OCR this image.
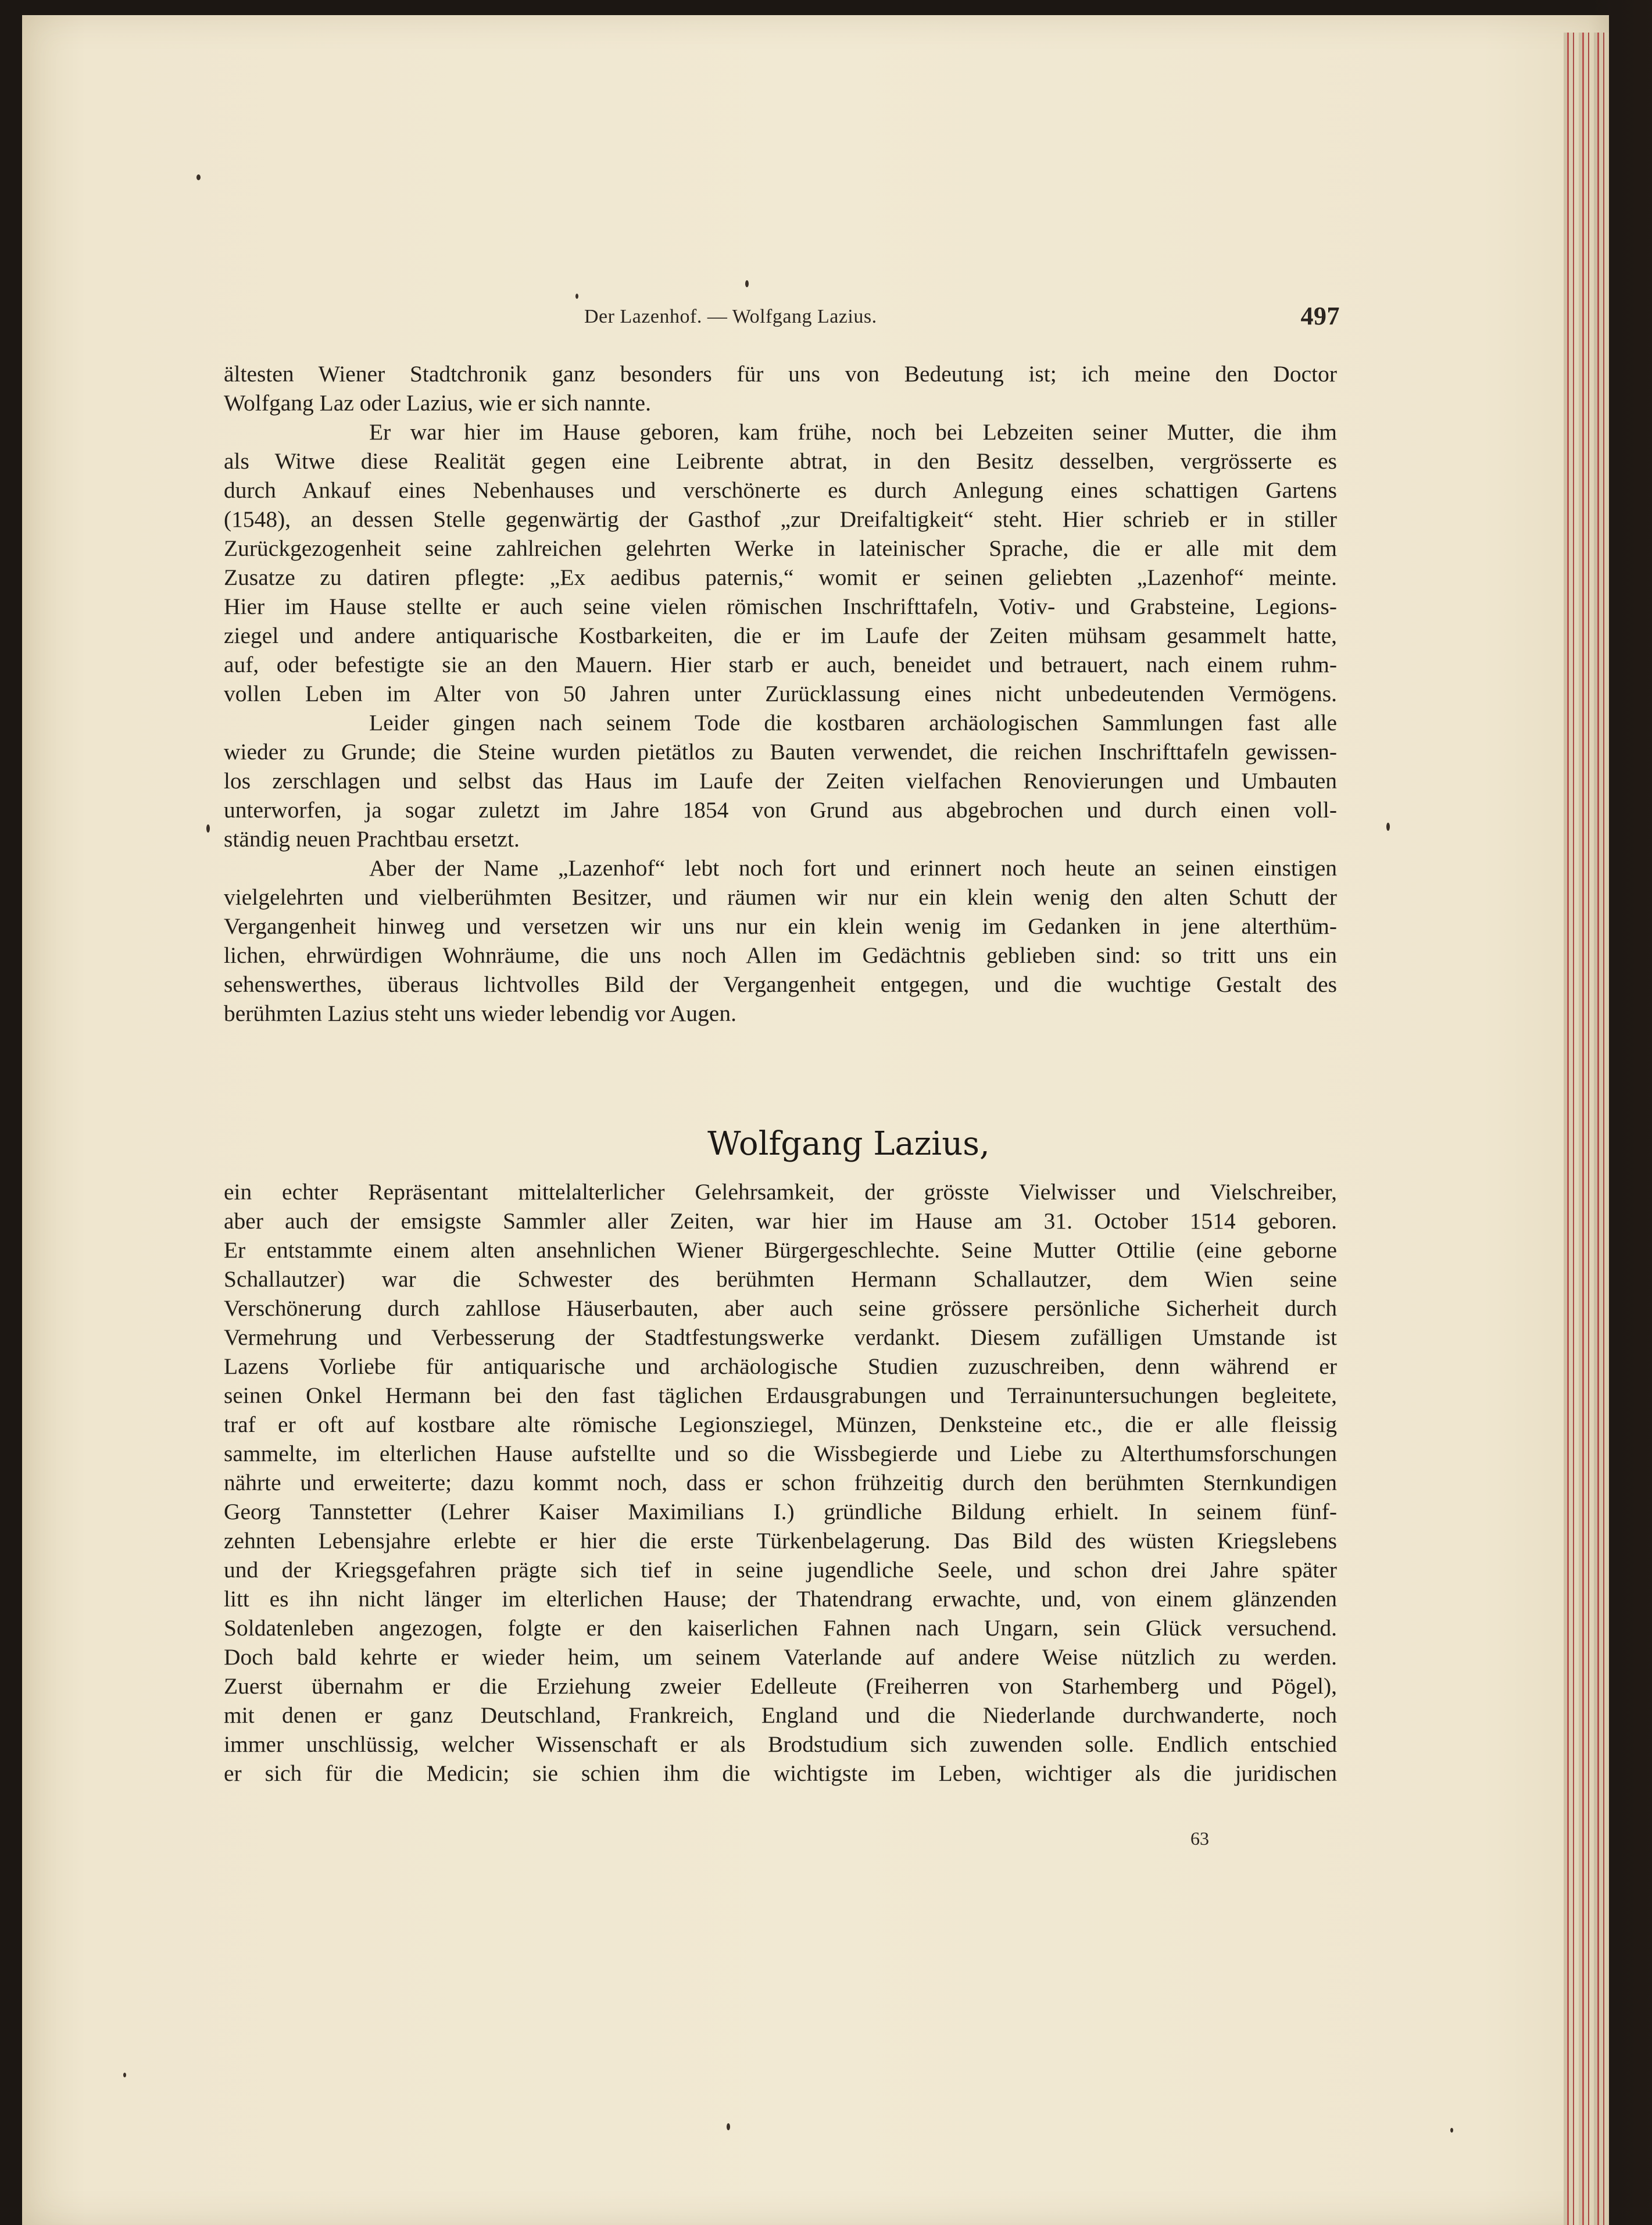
Der Lazenhof. — Wolfgang Lazius.	497
ältesten Wiener Stadtchronik ganz besonders für uns von Bedeutung ist; ich meine den Doctor
Wolfgang Laz oder Lazius, wie er sich nannte.
Er war hier im Hause geboren, kam frühe, noch bei Lebzeiten seiner Mutter, die ihm
als Witwe diese Realität gegen eine Leibrente abtrat, in den Besitz desselben, vergrösserte es
durch Ankauf eines Nebenhauses und verschönerte es durch Anlegung eines schattigen Gartens
(1548), an dessen Stelle gegenwärtig der Gasthof „zur Dreifaltigkeit“ steht. Hier schrieb er in stiller
Zurückgezogenheit seine zahlreichen gelehrten Werke in lateinischer Sprache, die er alle mit dem
Zusatze zu datiren pflegte: „Ex aedibus paternis,“ womit er seinen geliebten „Lazenhof“ meinte.
Hier im Hause stellte er auch seine vielen römischen Inschrifttafeln, Votiv- und Grabsteine, Legions-
ziegel und andere antiquarische Kostbarkeiten, die er im Laufe der Zeiten mühsam gesammelt hatte,
auf, oder befestigte sie an den Mauern. Hier starb er auch, beneidet und betrauert, nach einem ruhm-
vollen Leben im Alter von 50 Jahren unter Zurücklassung eines nicht unbedeutenden Vermögens.
Leider gingen nach seinem Tode die kostbaren archäologischen Sammlungen fast alle
wieder zu Grunde; die Steine wurden pietätlos zu Bauten verwendet, die reichen Inschrifttafeln gewissen-
los zerschlagen und selbst das Haus im Laufe der Zeiten vielfachen Renovierungen und Umbauten
unterworfen, ja sogar zuletzt im Jahre 1854 von Grund aus abgebrochen und durch einen voll-
ständig neuen Prachtbau ersetzt.
Aber der Name „Lazenhof“ lebt noch fort und erinnert noch heute an seinen einstigen
vielgelehrten und vielberühmten Besitzer, und räumen wir nur ein klein wenig den alten Schutt der
Vergangenheit hinweg und versetzen wir uns nur ein klein wenig im Gedanken in jene alterthüm-
lichen, ehrwürdigen Wohnräume, die uns noch Allen im Gedächtnis geblieben sind: so tritt uns ein
sehenswerthes, überaus lichtvolles Bild der Vergangenheit entgegen, und die wuchtige Gestalt des
berühmten Lazius steht uns wieder lebendig vor Augen.
Wolfgang Lazius,
ein echter Repräsentant mittelalterlicher Gelehrsamkeit, der grösste Vielwisser und Vielschreiber,
aber auch der emsigste Sammler aller Zeiten, war hier im Hause am 31. October 1514 geboren.
Er entstammte einem alten ansehnlichen Wiener Bürgergeschlechte. Seine Mutter Ottilie (eine geborne
Schallautzer) war die Schwester des berühmten Hermann Schallautzer, dem Wien seine
Verschönerung durch zahllose Häuserbauten, aber auch seine grössere persönliche Sicherheit durch
Vermehrung und Verbesserung der Stadtfestungswerke verdankt. Diesem zufälligen Umstande ist
Lazens Vorliebe für antiquarische und archäologische Studien zuzuschreiben, denn während er
seinen Onkel Hermann bei den fast täglichen Erdausgrabungen und Terrainuntersuchungen begleitete,
traf er oft auf kostbare alte römische Legionsziegel, Münzen, Denksteine etc., die er alle fleissig
sammelte, im elterlichen Hause aufstellte und so die Wissbegierde und Liebe zu Alterthumsforschungen
nährte und erweiterte; dazu kommt noch, dass er schon frühzeitig durch den berühmten Sternkundigen
Georg Tannstetter (Lehrer Kaiser Maximilians I.) gründliche Bildung erhielt. In seinem fünf-
zehnten Lebensjahre erlebte er hier die erste Türkenbelagerung. Das Bild des wüsten Kriegslebens
und der Kriegsgefahren prägte sich tief in seine jugendliche Seele, und schon drei Jahre später
litt es ihn nicht länger im elterlichen Hause; der Thatendrang erwachte, und, von einem glänzenden
Soldatenleben angezogen, folgte er den kaiserlichen Fahnen nach Ungarn, sein Glück versuchend.
Doch bald kehrte er wieder heim, um seinem Vaterlande auf andere Weise nützlich zu werden.
Zuerst übernahm er die Erziehung zweier Edelleute (Freiherren von Starhemberg und Pögel),
mit denen er ganz Deutschland, Frankreich, England und die Niederlande durchwanderte, noch
immer unschlüssig, welcher Wissenschaft er als Brodstudium sich zuwenden solle. Endlich entschied
er sich für die Medicin; sie schien ihm die wichtigste im Leben, wichtiger als die juridischen
63
